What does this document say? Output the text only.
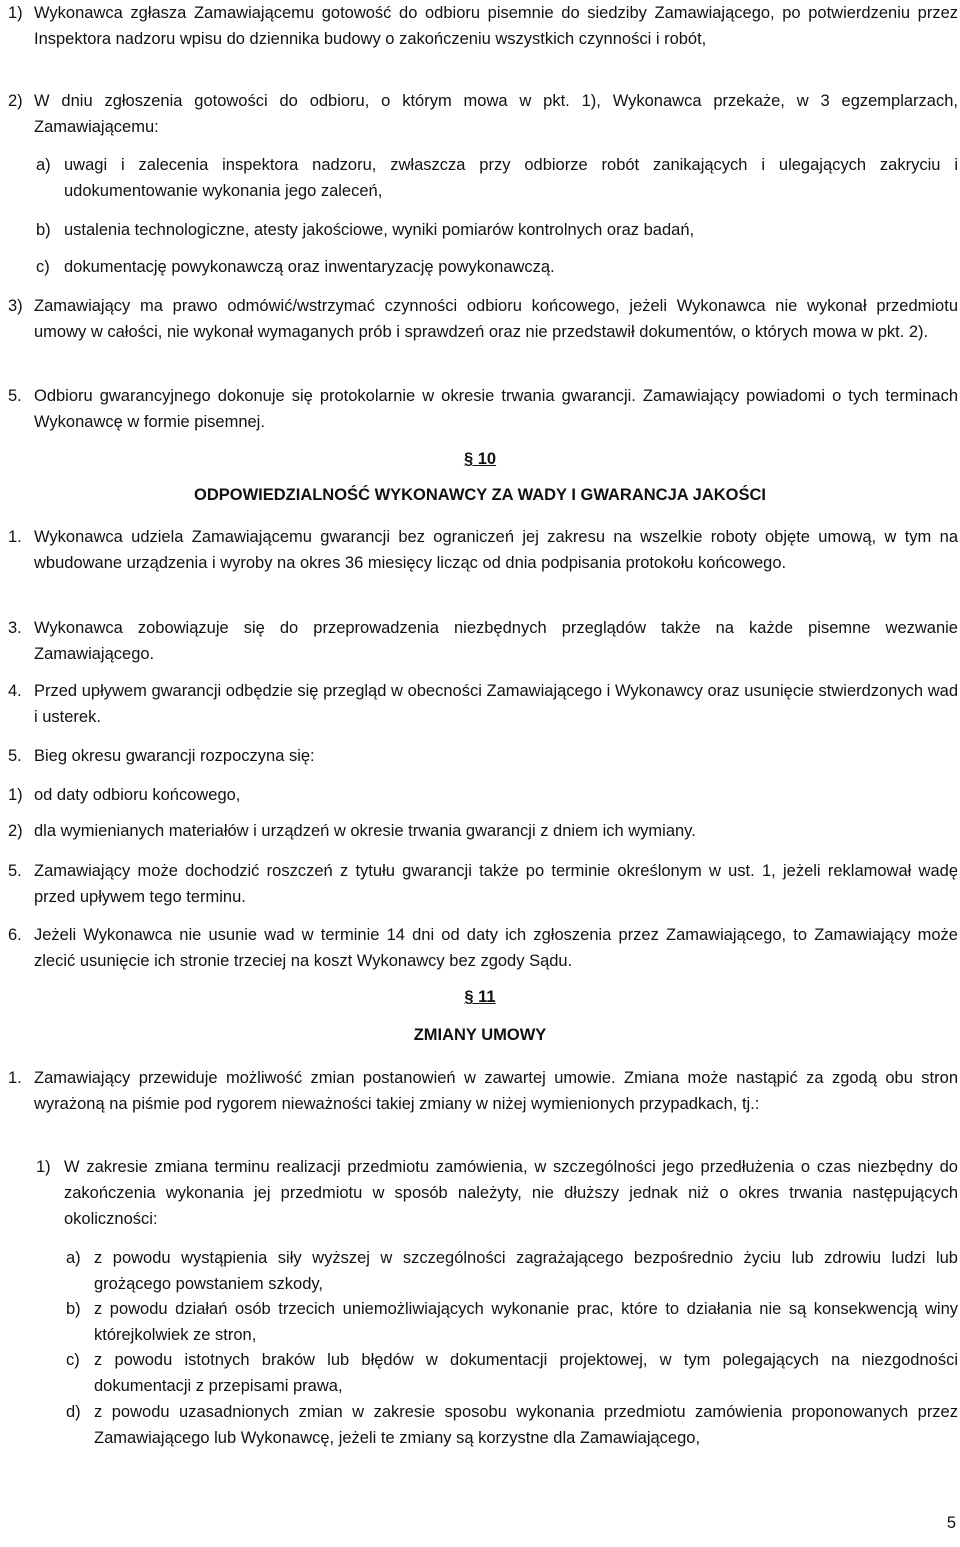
1) Wykonawca zgłasza Zamawiającemu gotowość do odbioru pisemnie do siedziby Zamawiającego, po potwierdzeniu przez Inspektora nadzoru wpisu do dziennika budowy o zakończeniu wszystkich czynności i robót,
2) W dniu zgłoszenia gotowości do odbioru, o którym mowa w pkt. 1), Wykonawca przekaże, w 3 egzemplarzach, Zamawiającemu:
a) uwagi i zalecenia inspektora nadzoru, zwłaszcza przy odbiorze robót zanikających i ulegających zakryciu i udokumentowanie wykonania jego zaleceń,
b) ustalenia technologiczne, atesty jakościowe, wyniki pomiarów kontrolnych oraz badań,
c) dokumentację powykonawczą oraz inwentaryzację powykonawczą.
3) Zamawiający ma prawo odmówić/wstrzymać czynności odbioru końcowego, jeżeli Wykonawca nie wykonał przedmiotu umowy w całości, nie wykonał wymaganych prób i sprawdzeń oraz nie przedstawił dokumentów, o których mowa w pkt. 2).
5. Odbioru gwarancyjnego dokonuje się protokolarnie w okresie trwania gwarancji. Zamawiający powiadomi o tych terminach Wykonawcę w formie pisemnej.
§ 10
ODPOWIEDZIALNOŚĆ WYKONAWCY ZA WADY I GWARANCJA JAKOŚCI
1. Wykonawca udziela Zamawiającemu gwarancji bez ograniczeń jej zakresu na wszelkie roboty objęte umową, w tym na wbudowane urządzenia i wyroby na okres 36 miesięcy licząc od dnia podpisania protokołu końcowego.
3. Wykonawca zobowiązuje się do przeprowadzenia niezbędnych przeglądów także na każde pisemne wezwanie Zamawiającego.
4. Przed upływem gwarancji odbędzie się przegląd w obecności Zamawiającego i Wykonawcy oraz usunięcie stwierdzonych wad i usterek.
5. Bieg okresu gwarancji rozpoczyna się:
1) od daty odbioru końcowego,
2) dla wymienianych materiałów i urządzeń w okresie trwania gwarancji z dniem ich wymiany.
5. Zamawiający może dochodzić roszczeń z tytułu gwarancji także po terminie określonym w ust. 1, jeżeli reklamował wadę przed upływem tego terminu.
6. Jeżeli Wykonawca nie usunie wad w terminie 14 dni od daty ich zgłoszenia przez Zamawiającego, to Zamawiający może zlecić usunięcie ich stronie trzeciej na koszt Wykonawcy bez zgody Sądu.
§ 11
ZMIANY UMOWY
1. Zamawiający przewiduje możliwość zmian postanowień w zawartej umowie. Zmiana może nastąpić za zgodą obu stron wyrażoną na piśmie pod rygorem nieważności takiej zmiany w niżej wymienionych przypadkach, tj.:
1) W zakresie zmiana terminu realizacji przedmiotu zamówienia, w szczególności jego przedłużenia o czas niezbędny do zakończenia wykonania jej przedmiotu w sposób należyty, nie dłuższy jednak niż o okres trwania następujących okoliczności:
a) z powodu wystąpienia siły wyższej w szczególności zagrażającego bezpośrednio życiu lub zdrowiu ludzi lub grożącego powstaniem szkody,
b) z powodu działań osób trzecich uniemożliwiających wykonanie prac, które to działania nie są konsekwencją winy którejkolwiek ze stron,
c) z powodu istotnych braków lub błędów w dokumentacji projektowej, w tym polegających na niezgodności dokumentacji z przepisami prawa,
d) z powodu uzasadnionych zmian w zakresie sposobu wykonania przedmiotu zamówienia proponowanych przez Zamawiającego lub Wykonawcę, jeżeli te zmiany są korzystne dla Zamawiającego,
5
